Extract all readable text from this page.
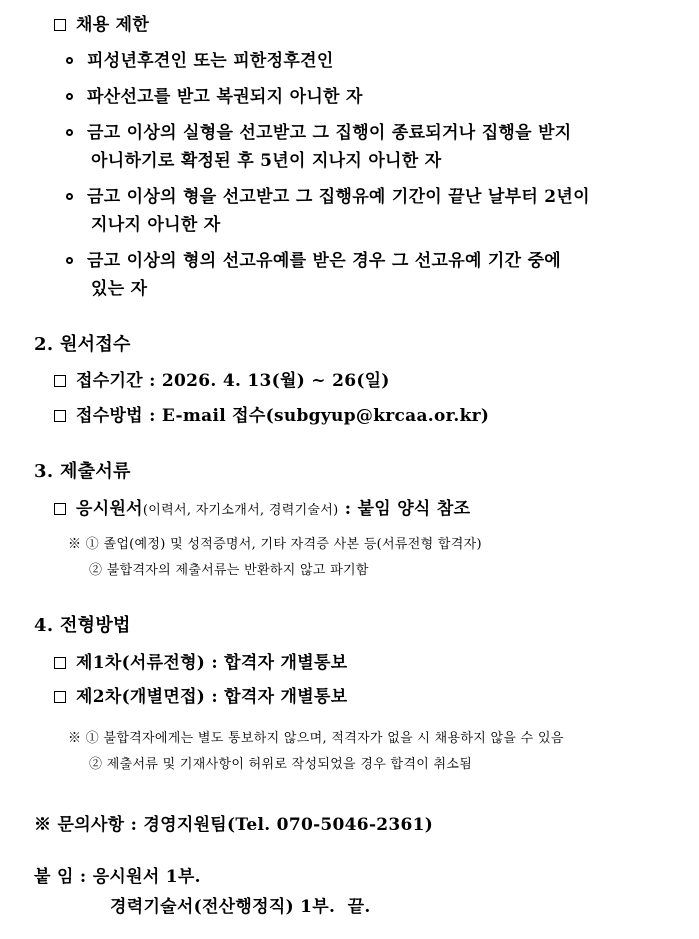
채용 제한
피성년후견인 또는 피한정후견인
파산선고를 받고 복권되지 아니한 자
금고 이상의 실형을 선고받고 그 집행이 종료되거나 집행을 받지
아니하기로 확정된 후 5년이 지나지 아니한 자
금고 이상의 형을 선고받고 그 집행유예 기간이 끝난 날부터 2년이
지나지 아니한 자
금고 이상의 형의 선고유예를 받은 경우 그 선고유예 기간 중에
있는 자
2. 원서접수
접수기간 : 2026. 4. 13(월) ~ 26(일)
접수방법 : E-mail 접수(subgyup@krcaa.or.kr)
3. 제출서류
응시원서(이력서, 자기소개서, 경력기술서) : 붙임 양식 참조
※ ① 졸업(예정) 및 성적증명서, 기타 자격증 사본 등(서류전형 합격자)
② 불합격자의 제출서류는 반환하지 않고 파기함
4. 전형방법
제1차(서류전형) : 합격자 개별통보
제2차(개별면접) : 합격자 개별통보
※ ① 불합격자에게는 별도 통보하지 않으며, 적격자가 없을 시 채용하지 않을 수 있음
② 제출서류 및 기재사항이 허위로 작성되었을 경우 합격이 취소됨
※ 문의사항 : 경영지원팀(Tel. 070-5046-2361)
붙 임 : 응시원서 1부.
경력기술서(전산행정직) 1부. 끝.
